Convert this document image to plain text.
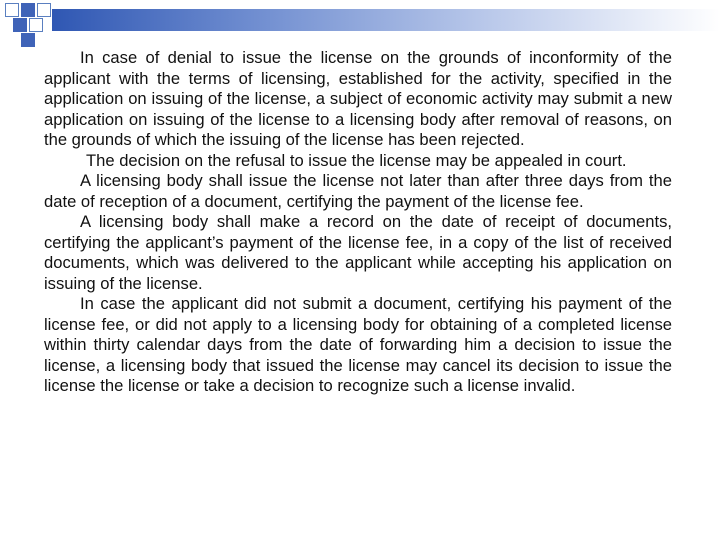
In case of denial to issue the license on the grounds of inconformity of the applicant with the terms of licensing, established for the activity, specified in the application on issuing of the license, a subject of economic activity may submit a new application on issuing of the license to a licensing body after removal of reasons, on the grounds of which the issuing of the license has been rejected.

The decision on the refusal to issue the license may be appealed in court.

A licensing body shall issue the license not later than after three days from the date of reception of a document, certifying the payment of the license fee.

A licensing body shall make a record on the date of receipt of documents, certifying the applicant’s payment of the license fee, in a copy of the list of received documents, which was delivered to the applicant while accepting his application on issuing of the license.

In case the applicant did not submit a document, certifying his payment of the license fee, or did not apply to a licensing body for obtaining of a completed license within thirty calendar days from the date of forwarding him a decision to issue the license, a licensing body that issued the license may cancel its decision to issue the license the license or take a decision to recognize such a license invalid.
